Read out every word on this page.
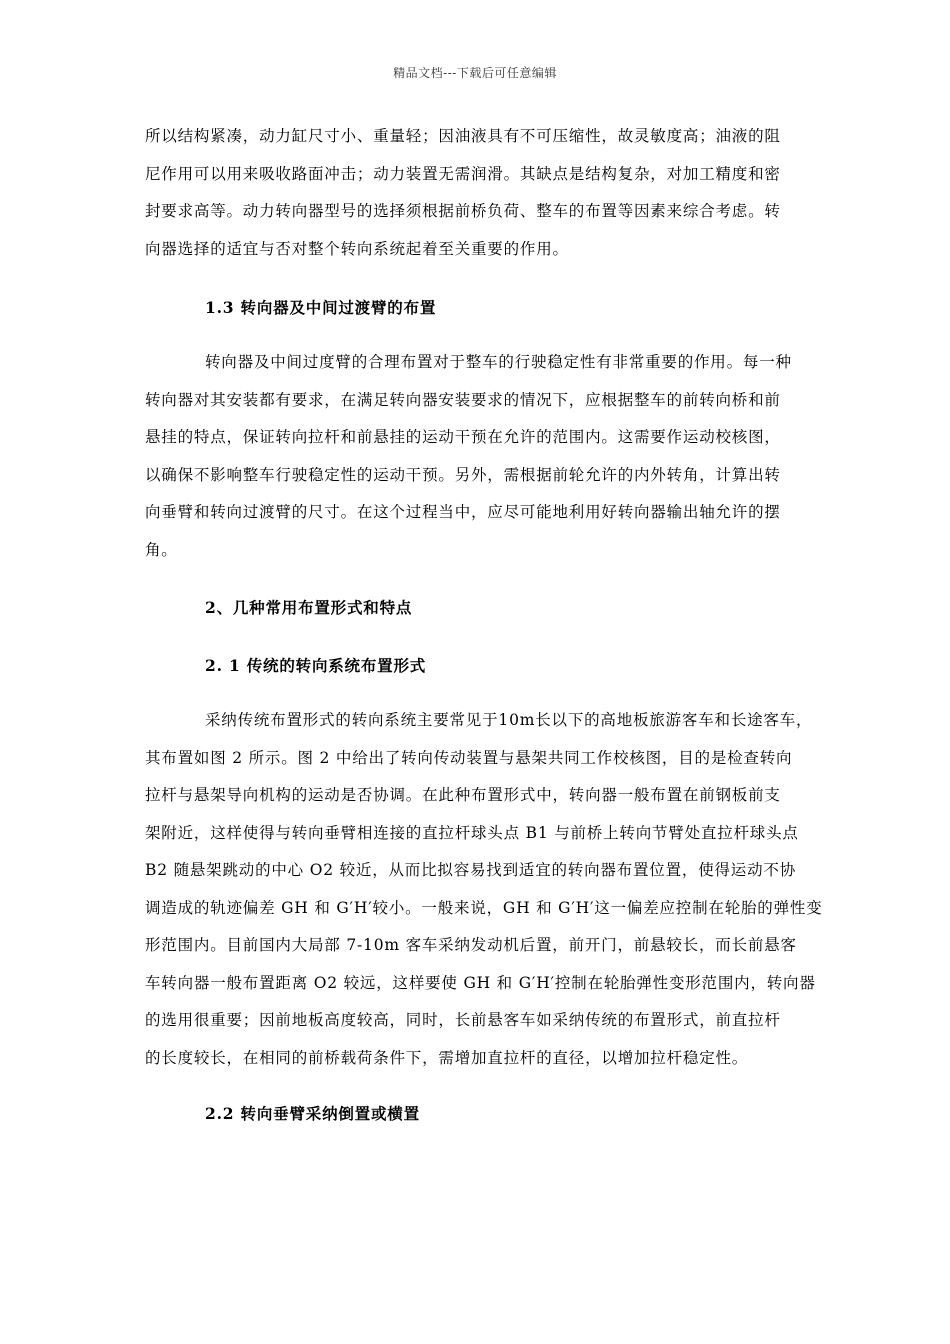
精品文档---下载后可任意编辑
所以结构紧凑，动力缸尺寸小、重量轻；因油液具有不可压缩性，故灵敏度高；油液的阻
尼作用可以用来吸收路面冲击；动力装置无需润滑。其缺点是结构复杂，对加工精度和密
封要求高等。动力转向器型号的选择须根据前桥负荷、整车的布置等因素来综合考虑。转
向器选择的适宜与否对整个转向系统起着至关重要的作用。
1.3 转向器及中间过渡臂的布置
转向器及中间过度臂的合理布置对于整车的行驶稳定性有非常重要的作用。每一种
转向器对其安装都有要求，在满足转向器安装要求的情况下，应根据整车的前转向桥和前
悬挂的特点，保证转向拉杆和前悬挂的运动干预在允许的范围内。这需要作运动校核图，
以确保不影响整车行驶稳定性的运动干预。另外，需根据前轮允许的内外转角，计算出转
向垂臂和转向过渡臂的尺寸。在这个过程当中，应尽可能地利用好转向器输出轴允许的摆
角。
2、几种常用布置形式和特点
2. 1 传统的转向系统布置形式
采纳传统布置形式的转向系统主要常见于10m长以下的高地板旅游客车和长途客车，
其布置如图 2 所示。图 2 中给出了转向传动装置与悬架共同工作校核图，目的是检查转向
拉杆与悬架导向机构的运动是否协调。在此种布置形式中，转向器一般布置在前钢板前支
架附近，这样使得与转向垂臂相连接的直拉杆球头点 B1 与前桥上转向节臂处直拉杆球头点
B2 随悬架跳动的中心 O2 较近，从而比拟容易找到适宜的转向器布置位置，使得运动不协
调造成的轨迹偏差 GH 和 G′H′较小。一般来说，GH 和 G′H′这一偏差应控制在轮胎的弹性变
形范围内。目前国内大局部 7-10m 客车采纳发动机后置，前开门，前悬较长，而长前悬客
车转向器一般布置距离 O2 较远，这样要使 GH 和 G′H′控制在轮胎弹性变形范围内，转向器
的选用很重要；因前地板高度较高，同时，长前悬客车如采纳传统的布置形式，前直拉杆
的长度较长，在相同的前桥载荷条件下，需增加直拉杆的直径，以增加拉杆稳定性。
2.2 转向垂臂采纳倒置或横置
